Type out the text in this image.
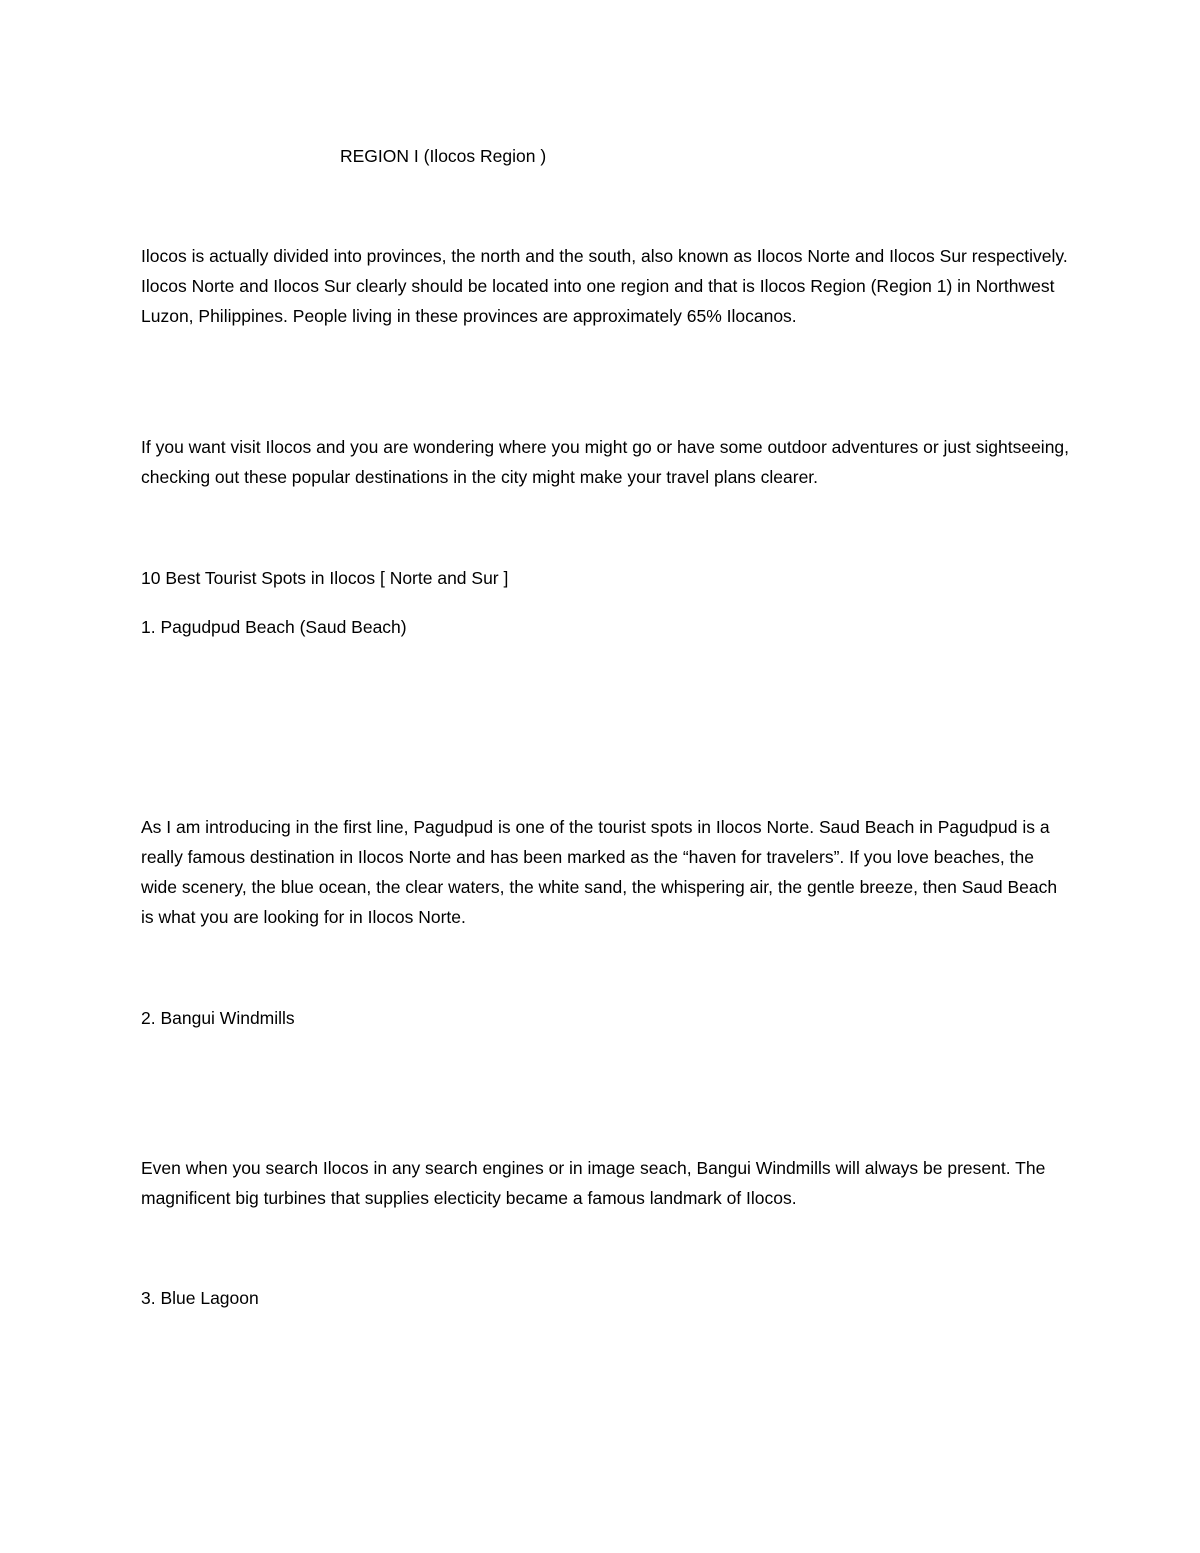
REGION I (Ilocos Region )

Ilocos is actually divided into provinces, the north and the south, also known as Ilocos Norte and Ilocos Sur respectively. Ilocos Norte and Ilocos Sur clearly should be located into one region and that is Ilocos Region (Region 1) in Northwest Luzon, Philippines. People living in these provinces are approximately 65% Ilocanos.

If you want visit Ilocos and you are wondering where you might go or have some outdoor adventures or just sightseeing, checking out these popular destinations in the city might make your travel plans clearer.

10 Best Tourist Spots in Ilocos [ Norte and Sur ]

1. Pagudpud Beach (Saud Beach)

As I am introducing in the first line, Pagudpud is one of the tourist spots in Ilocos Norte. Saud Beach in Pagudpud is a really famous destination in Ilocos Norte and has been marked as the “haven for travelers”. If you love beaches, the wide scenery, the blue ocean, the clear waters, the white sand, the whispering air, the gentle breeze, then Saud Beach is what you are looking for in Ilocos Norte.

2. Bangui Windmills

Even when you search Ilocos in any search engines or in image seach, Bangui Windmills will always be present. The magnificent big turbines that supplies electicity became a famous landmark of Ilocos.

3. Blue Lagoon
